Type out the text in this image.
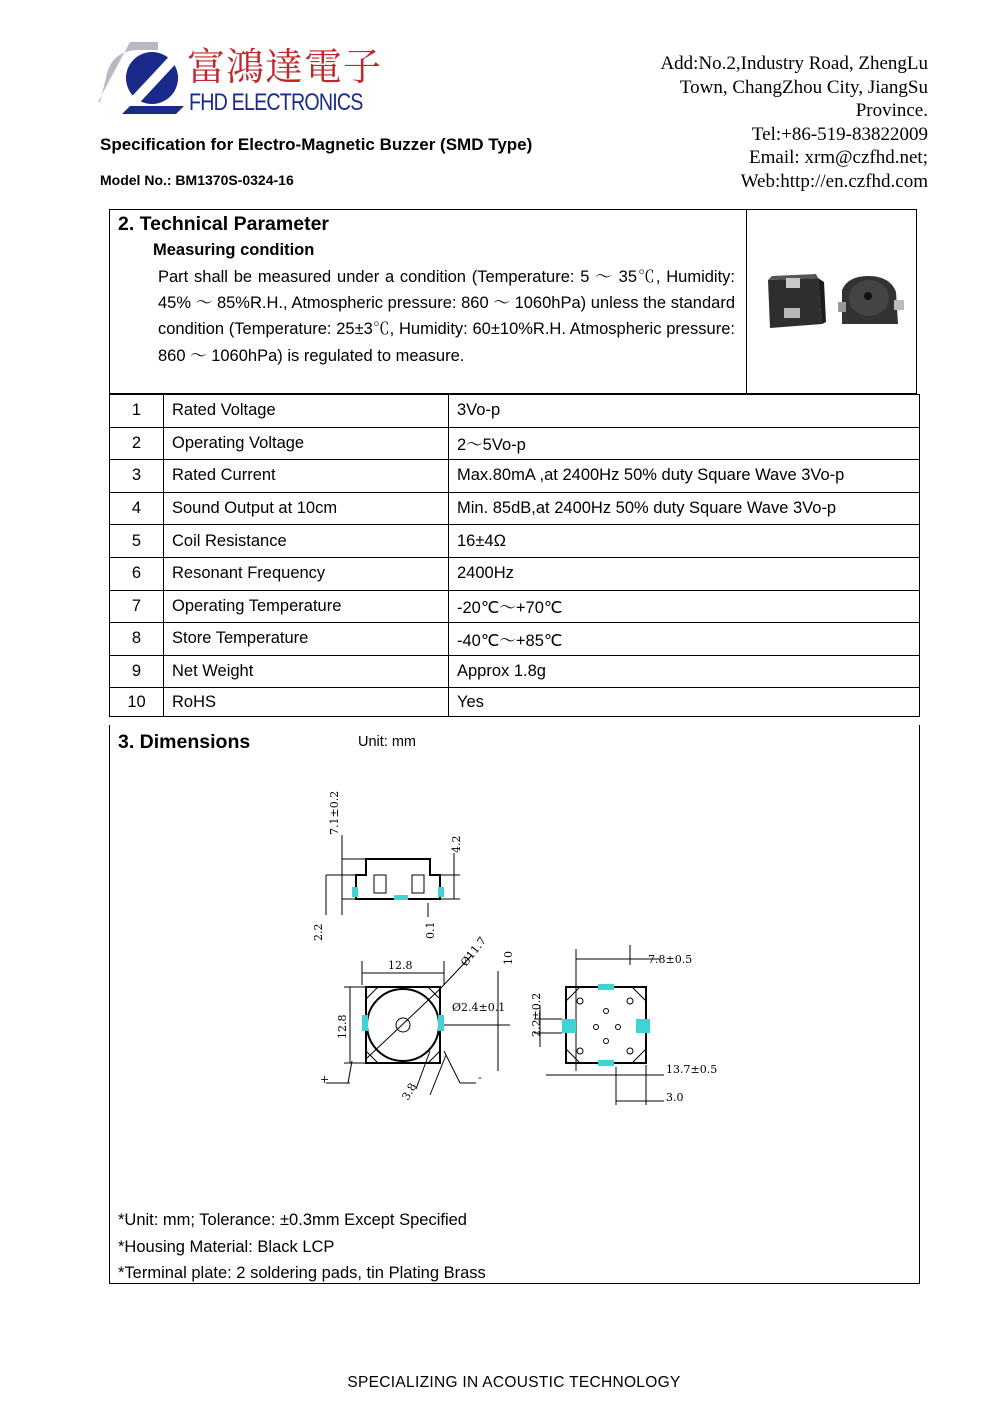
富鴻達電子
FHD ELECTRONICS
Specification for Electro-Magnetic Buzzer (SMD Type)
Model No.: BM1370S-0324-16
Add:No.2,Industry Road, ZhengLu
Town, ChangZhou City, JiangSu
Province.
Tel:+86-519-83822009
Email: xrm@czfhd.net;
Web:http://en.czfhd.com
2. Technical Parameter
Measuring condition
Part shall be measured under a condition (Temperature: 5 ～ 35℃, Humidity: 45% ～ 85%R.H., Atmospheric pressure: 860 ～ 1060hPa) unless the standard condition (Temperature: 25±3℃, Humidity: 60±10%R.H. Atmospheric pressure: 860 ～ 1060hPa) is regulated to measure.
1	Rated Voltage	3Vo-p
2	Operating Voltage	2～5Vo-p
3	Rated Current	Max.80mA ,at 2400Hz 50% duty Square Wave 3Vo-p
4	Sound Output at 10cm	Min. 85dB,at 2400Hz 50% duty Square Wave 3Vo-p
5	Coil Resistance	16±4Ω
6	Resonant Frequency	2400Hz
7	Operating Temperature	-20℃～+70℃
8	Store Temperature	-40℃～+85℃
9	Net Weight	Approx 1.8g
10	RoHS	Yes
3. Dimensions	Unit: mm
7.1±0.2
4.2
2.2	0.1
12.8
12.8
Ø11.7
Ø2.4±0.1
10
+	-
3.8
7.8±0.5
2.2±0.2
13.7±0.5
3.0
*Unit: mm; Tolerance: ±0.3mm Except Specified
*Housing Material: Black LCP
*Terminal plate: 2 soldering pads, tin Plating Brass
SPECIALIZING IN ACOUSTIC TECHNOLOGY
